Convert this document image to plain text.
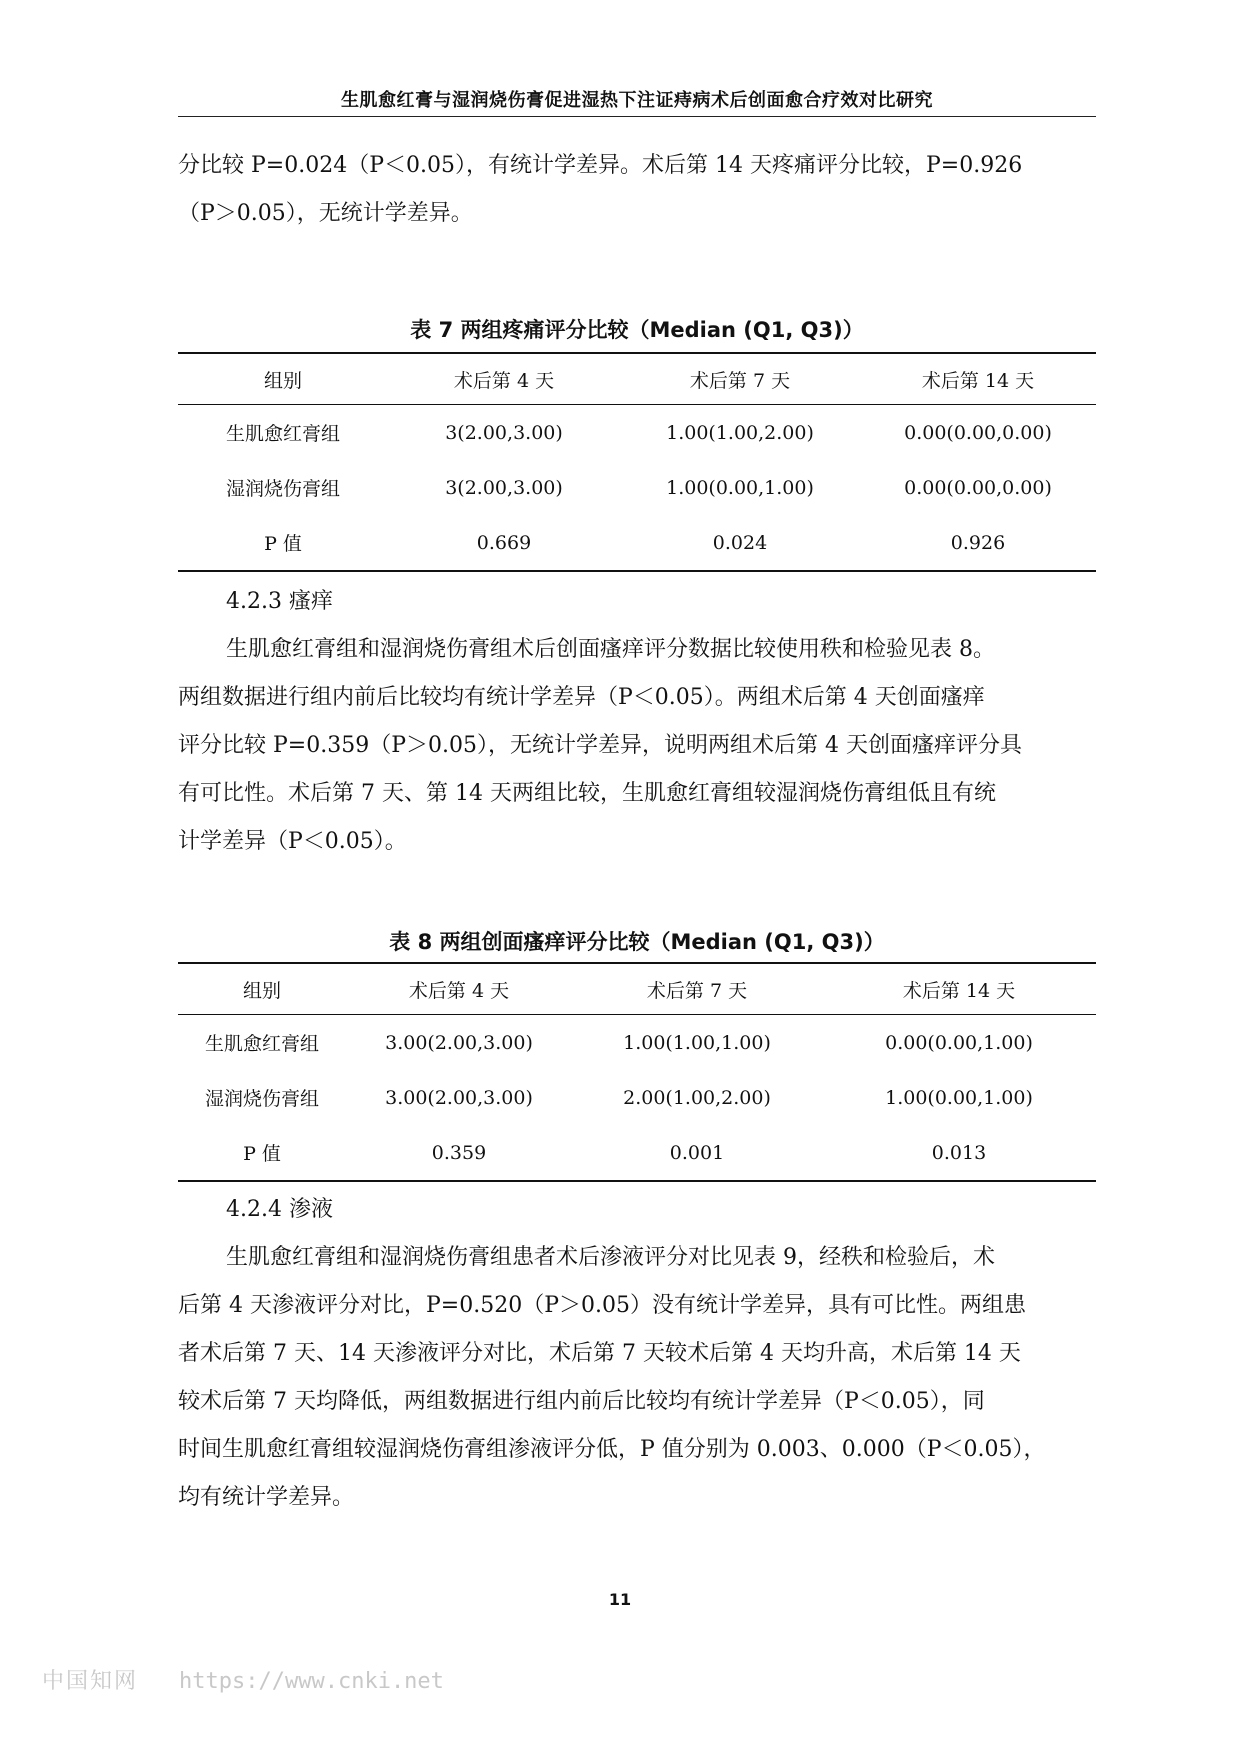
生肌愈红膏与湿润烧伤膏促进湿热下注证痔病术后创面愈合疗效对比研究

分比较 P=0.024（P＜0.05），有统计学差异。术后第 14 天疼痛评分比较，P=0.926

（P＞0.05），无统计学差异。

表 7 两组疼痛评分比较（Median (Q1, Q3)）
组别	术后第 4 天	术后第 7 天	术后第 14 天
生肌愈红膏组	3(2.00,3.00)	1.00(1.00,2.00)	0.00(0.00,0.00)
湿润烧伤膏组	3(2.00,3.00)	1.00(0.00,1.00)	0.00(0.00,0.00)
P 值	0.669	0.024	0.926
4.2.3 瘙痒

生肌愈红膏组和湿润烧伤膏组术后创面瘙痒评分数据比较使用秩和检验见表 8。

两组数据进行组内前后比较均有统计学差异（P＜0.05）。两组术后第 4 天创面瘙痒

评分比较 P=0.359（P＞0.05），无统计学差异，说明两组术后第 4 天创面瘙痒评分具

有可比性。术后第 7 天、第 14 天两组比较，生肌愈红膏组较湿润烧伤膏组低且有统

计学差异（P＜0.05）。

表 8 两组创面瘙痒评分比较（Median (Q1, Q3)）
组别	术后第 4 天	术后第 7 天	术后第 14 天
生肌愈红膏组	3.00(2.00,3.00)	1.00(1.00,1.00)	0.00(0.00,1.00)
湿润烧伤膏组	3.00(2.00,3.00)	2.00(1.00,2.00)	1.00(0.00,1.00)
P 值	0.359	0.001	0.013
4.2.4 渗液

生肌愈红膏组和湿润烧伤膏组患者术后渗液评分对比见表 9，经秩和检验后，术

后第 4 天渗液评分对比，P=0.520（P＞0.05）没有统计学差异，具有可比性。两组患

者术后第 7 天、14 天渗液评分对比，术后第 7 天较术后第 4 天均升高，术后第 14 天

较术后第 7 天均降低，两组数据进行组内前后比较均有统计学差异（P＜0.05），同

时间生肌愈红膏组较湿润烧伤膏组渗液评分低，P 值分别为 0.003、0.000（P＜0.05），

均有统计学差异。

11
中国知网 https://www.cnki.net
